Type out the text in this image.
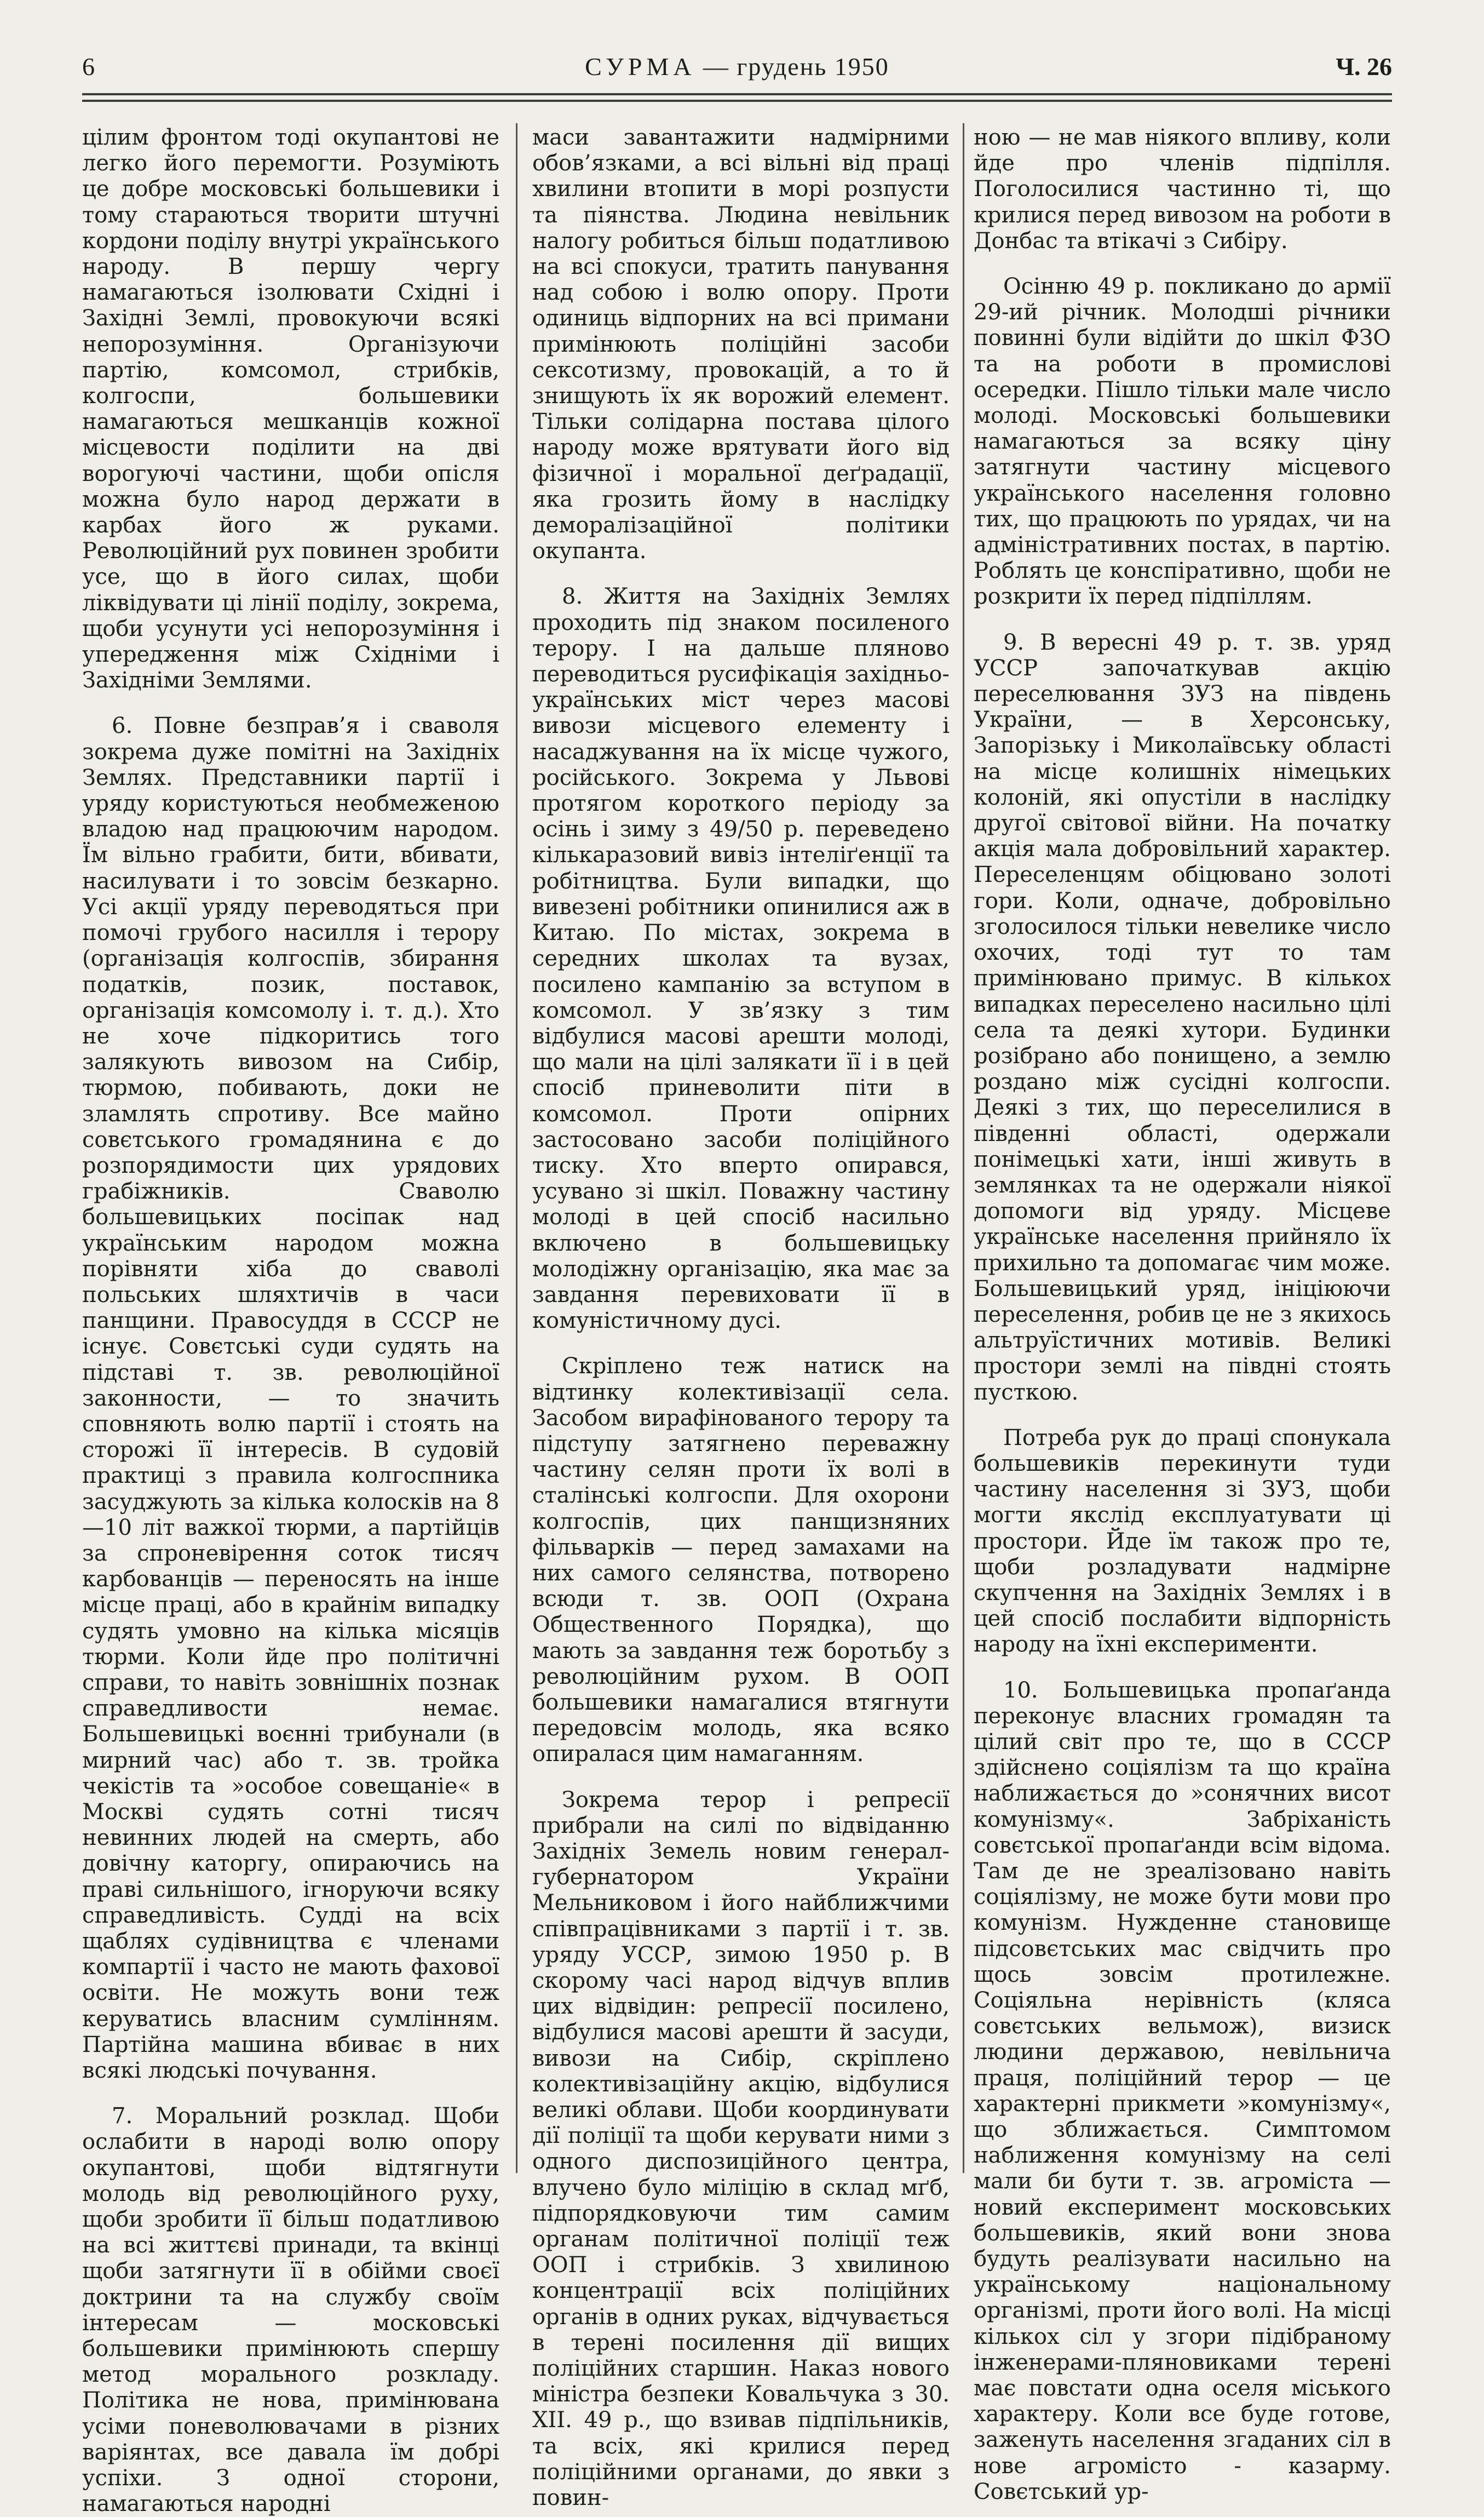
6	СУРМА — грудень 1950	Ч. 26

цілим фронтом тоді окупантові не легко його перемогти. Розуміють це добре московські большевики і тому стараються творити штучні кордони поділу внутрі українського народу. В першу чергу намагаються ізолювати Східні і Західні Землі, провокуючи всякі непорозуміння. Організуючи партію, комсомол, стрибків, колгоспи, большевики намагаються мешканців кожної місцевости поділити на дві ворогуючі частини, щоби опісля можна було народ держати в карбах його ж руками. Революційний рух повинен зробити усе, що в його силах, щоби ліквідувати ці лінії поділу, зокрема, щоби усунути усі непорозуміння і упередження між Східніми і Західніми Землями.

6. Повне безправ’я і сваволя зокрема дуже помітні на Західніх Землях. Представники партії і уряду користуються необмеженою владою над працюючим народом. Їм вільно грабити, бити, вбивати, насилувати і то зовсім безкарно. Усі акції уряду переводяться при помочі грубого насилля і терору (організація колгоспів, збирання податків, позик, поставок, організація комсомолу і. т. д.). Хто не хоче підкоритись того залякують вивозом на Сибір, тюрмою, побивають, доки не зламлять спротиву. Все майно совєтського громадянина є до розпорядимости цих урядових грабіжників. Сваволю большевицьких посіпак над українським народом можна порівняти хіба до сваволі польських шляхтичів в часи панщини. Правосуддя в СССР не існує. Совєтські суди судять на підставі т. зв. революційної законности, — то значить сповняють волю партії і стоять на сторожі її інтересів. В судовій практиці з правила колгоспника засуджують за кілька колосків на 8—10 літ важкої тюрми, а партійців за спроневірення соток тисяч карбованців — переносять на інше місце праці, або в крайнім випадку судять умовно на кілька місяців тюрми. Коли йде про політичні справи, то навіть зовнішніх познак справедливости немає. Большевицькі воєнні трибунали (в мирний час) або т. зв. тройка чекістів та »особое совещаніе« в Москві судять сотні тисяч невинних людей на смерть, або довічну каторгу, опираючись на праві сильнішого, ігноруючи всяку справедливість. Судді на всіх щаблях судівництва є членами компартії і часто не мають фахової освіти. Не можуть вони теж керуватись власним сумлінням. Партійна машина вбиває в них всякі людські почування.

7. Моральний розклад. Щоби ослабити в народі волю опору окупантові, щоби відтягнути молодь від революційного руху, щоби зробити її більш податливою на всі життєві принади, та вкінці щоби затягнути її в обійми своєї доктрини та на службу своїм інтересам — московські большевики примінюють спершу метод морального розкладу. Політика не нова, примінювана усіми поневолювачами в різних варіянтах, все давала їм добрі успіхи. З одної сторони, намагаються народні

маси завантажити надмірними обов’язками, а всі вільні від праці хвилини втопити в морі розпусти та піянства. Людина невільник налогу робиться більш податливою на всі спокуси, тратить панування над собою і волю опору. Проти одиниць відпорних на всі примани примінюють поліційні засоби сексотизму, провокацій, а то й знищують їх як ворожий елемент. Тільки солідарна постава цілого народу може врятувати його від фізичної і моральної деґрадації, яка грозить йому в наслідку деморалізаційної політики окупанта.

8. Життя на Західніх Землях проходить під знаком посиленого терору. І на дальше пляново переводиться русифікація західньо-українських міст через масові вивози місцевого елементу і насаджування на їх місце чужого, російського. Зокрема у Львові протягом короткого періоду за осінь і зиму з 49/50 р. переведено кількаразовий вивіз інтеліґенції та робітництва. Були випадки, що вивезені робітники опинилися аж в Китаю. По містах, зокрема в середних школах та вузах, посилено кампанію за вступом в комсомол. У зв’язку з тим відбулися масові арешти молоді, що мали на цілі залякати її і в цей спосіб приневолити піти в комсомол. Проти опірних застосовано засоби поліційного тиску. Хто вперто опирався, усувано зі шкіл. Поважну частину молоді в цей спосіб насильно включено в большевицьку молодіжну організацію, яка має за завдання перевиховати її в комуністичному дусі.

Скріплено теж натиск на відтинку колективізації села. Засобом вирафінованого терору та підступу затягнено переважну частину селян проти їх волі в сталінські колгоспи. Для охорони колгоспів, цих панщизняних фільварків — перед замахами на них самого селянства, потворено всюди т. зв. ООП (Охрана Общественного Порядка), що мають за завдання теж боротьбу з революційним рухом. В ООП большевики намагалися втягнути передовсім молодь, яка всяко опиралася цим намаганням.

Зокрема терор і репресії прибрали на силі по відвіданню Західніх Земель новим генерал-губернатором України Мельниковом і його найближчими співпрацівниками з партії і т. зв. уряду УССР, зимою 1950 р. В скорому часі народ відчув вплив цих відвідин: репресії посилено, відбулися масові арешти й засуди, вивози на Сибір, скріплено колективізаційну акцію, відбулися великі облави. Щоби координувати дії поліції та щоби керувати ними з одного диспозиційного центра, влучено було міліцію в склад мґб, підпорядковуючи тим самим органам політичної поліції теж ООП і стрибків. З хвилиною концентрації всіх поліційних органів в одних руках, відчувається в терені посилення дії вищих поліційних старшин. Наказ нового міністра безпеки Ковальчука з 30. XII. 49 р., що взивав підпільників, та всіх, які крилися перед поліційними органами, до явки з повин-

ною — не мав ніякого впливу, коли йде про членів підпілля. Поголосилися частинно ті, що крилися перед вивозом на роботи в Донбас та втікачі з Сибіру.

Осінню 49 р. покликано до армії 29-ий річник. Молодші річники повинні були відійти до шкіл ФЗО та на роботи в промислові осередки. Пішло тільки мале число молоді. Московські большевики намагаються за всяку ціну затягнути частину місцевого українського населення головно тих, що працюють по урядах, чи на адміністративних постах, в партію. Роблять це конспіративно, щоби не розкрити їх перед підпіллям.

9. В вересні 49 р. т. зв. уряд УССР започаткував акцію переселювання ЗУЗ на південь України, — в Херсонську, Запорізьку і Миколаївську області на місце колишніх німецьких колоній, які опустіли в наслідку другої світової війни. На початку акція мала добровільний характер. Переселенцям обіцювано золоті гори. Коли, одначе, добровільно зголосилося тільки невелике число охочих, тоді тут то там примінювано примус. В кількох випадках переселено насильно цілі села та деякі хутори. Будинки розібрано або понищено, а землю роздано між сусідні колгоспи. Деякі з тих, що переселилися в південні області, одержали понімецькі хати, інші живуть в землянках та не одержали ніякої допомоги від уряду. Місцеве українське населення прийняло їх прихильно та допомагає чим може. Большевицький уряд, ініціюючи переселення, робив це не з якихось альтруїстичних мотивів. Великі простори землі на півдні стоять пусткою.

Потреба рук до праці спонукала большевиків перекинути туди частину населення зі ЗУЗ, щоби могти якслід експлуатувати ці простори. Йде їм також про те, щоби розладувати надмірне скупчення на Західніх Землях і в цей спосіб послабити відпорність народу на їхні експерименти.

10. Большевицька пропаґанда переконує власних громадян та цілий світ про те, що в СССР здійснено соціялізм та що країна наближається до »сонячних висот комунізму«. Забріханість совєтської пропаґанди всім відома. Там де не зреалізовано навіть соціялізму, не може бути мови про комунізм. Нужденне становище підсовєтських мас свідчить про щось зовсім протилежне. Соціяльна нерівність (кляса совєтських вельмож), визиск людини державою, невільнича праця, поліційний терор — це характерні прикмети »комунізму«, що зближається. Симптомом наближення комунізму на селі мали би бути т. зв. агроміста — новий експеримент московських большевиків, який вони знова будуть реалізувати насильно на українському національному організмі, проти його волі. На місці кількох сіл у згори підібраному інженерами-пляновиками терені має повстати одна оселя міського характеру. Коли все буде готове, заженуть населення згаданих сіл в нове агромісто - казарму. Совєтський ур-
